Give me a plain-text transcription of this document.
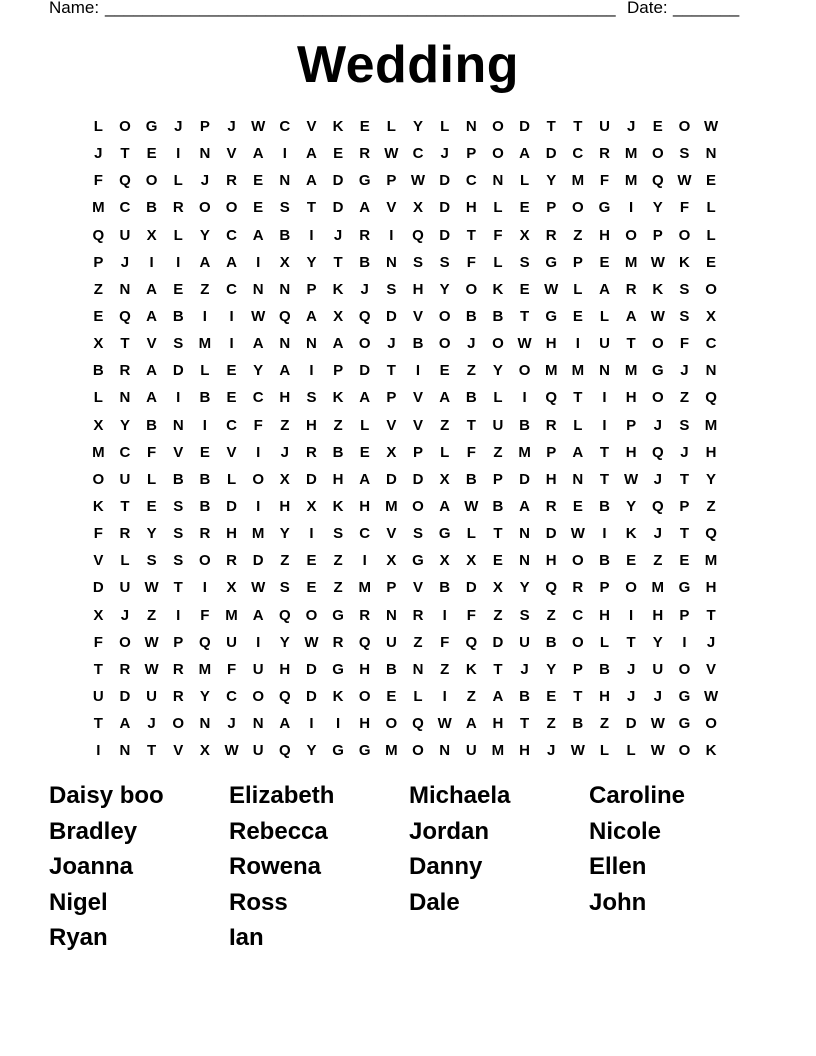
Name: ______________________________________________________ Date: _______
Wedding
L	O G	J	P	J	W C	V	K	E	L	Y	L	N	O	D	T	T	U	J	E	O W
J	T	E	I	N	V	A	I	A	E	R W C	J	P	O	A	D	C	R M O	S	N
F	Q O	L	J	R	E	N	A	D	G	P W D	C	N	L	Y	M	F	M Q W E
M C	B	R	O O	E	S	T	D	A	V	X	D	H	L	E	P	O G	I	Y	F	L
Q	U	X	L	Y	C	A	B	I	J	R	I	Q	D	T	F	X	R	Z	H	O	P	O	L
P	J	I	I	A	A	I	X	Y	T	B	N	S	S	F	L	S	G	P	E	M W K	E
Z	N	A	E	Z	C	N	N	P	K	J	S	H	Y	O	K	E W L	A	R	K	S	O
E	Q	A	B	I	I	W Q	A	X	Q	D	V	O	B	B	T	G	E	L	A W S	X
X	T	V	S	M	I	A	N	N	A	O	J	B	O	J	O W H	I	U	T	O	F	C
B	R	A	D	L	E	Y	A	I	P	D	T	I	E	Z	Y	O M M N M G	J	N
L	N	A	I	B	E	C	H	S	K	A	P	V	A	B	L	I	Q	T	I	H	O	Z	Q
X	Y	B	N	I	C	F	Z	H	Z	L	V	V	Z	T	U	B	R	L	I	P	J	S	M
M C	F	V	E	V	I	J	R	B	E	X	P	L	F	Z	M	P	A	T	H	Q	J	H
O	U	L	B	B	L	O	X	D	H	A	D	D	X	B	P	D	H	N	T W	J	T	Y
K	T	E	S	B	D	I	H	X	K	H M O	A W B	A	R	E	B	Y	Q	P	Z
F	R	Y	S	R	H M	Y	I	S	C	V	S	G	L	T	N	D W	I	K	J	T	Q
V	L	S	S	O	R	D	Z	E	Z	I	X	G	X	X	E	N	H	O	B	E	Z	E	M
D	U W T	I	X W S	E	Z	M	P	V	B	D	X	Y	Q	R	P	O M G	H
X	J	Z	I	F	M A	Q O G	R	N	R	I	F	Z	S	Z	C	H	I	H	P	T
F	O W P	Q	U	I	Y W R	Q	U	Z	F	Q	D	U	B	O	L	T	Y	I	J
T	R W R M	F	U	H	D	G	H	B	N	Z	K	T	J	Y	P	B	J	U	O	V
U	D	U	R	Y	C	O Q	D	K	O	E	L	I	Z	A	B	E	T	H	J	J	G W
T	A	J	O	N	J	N	A	I	I	H	O Q W A	H	T	Z	B	Z	D W G O
I	N	T	V	X W U	Q	Y	G G M O	N	U M H	J	W L	L W O	K
Daisy boo	Elizabeth	Michaela	Caroline
Bradley	Rebecca	Jordan	Nicole
Joanna	Rowena	Danny	Ellen
Nigel	Ross	Dale	John
Ryan	Ian
